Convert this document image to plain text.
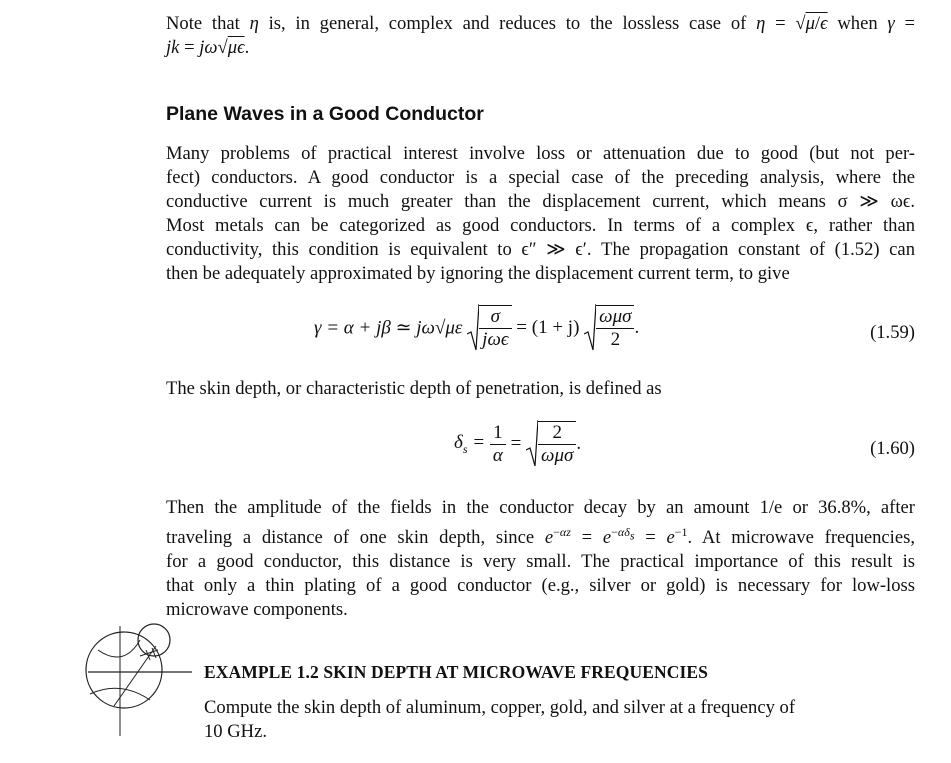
Note that η is, in general, complex and reduces to the lossless case of η = √μ/ϵ when γ =
jk = jω√μϵ.
Plane Waves in a Good Conductor
Many problems of practical interest involve loss or attenuation due to good (but not per-
fect) conductors. A good conductor is a special case of the preceding analysis, where the
conductive current is much greater than the displacement current, which means σ ≫ ωϵ.
Most metals can be categorized as good conductors. In terms of a complex ϵ, rather than
conductivity, this condition is equivalent to ϵ″ ≫ ϵ′. The propagation constant of (1.52) can
then be adequately approximated by ignoring the displacement current term, to give
γ = α + jβ ≃ $j\omega√\mu\varepsilon \frac{\sigma}{\text{jωϵ}} = (1 + j) \frac{\text{ωμσ}}{2}$ .	(1.59)
The skin depth, or characteristic depth of penetration, is defined as
$\delta_s = \frac{1}{\alpha} = \frac{2}{\text{ωμσ}}$ .	(1.60)
Then the amplitude of the fields in the conductor decay by an amount 1/e or 36.8%, after
traveling a distance of one skin depth, since $e^{-\alpha z} = e^{-\alpha\delta_s} = e^{-1}$. At microwave frequencies,
for a good conductor, this distance is very small. The practical importance of this result is
that only a thin plating of a good conductor (e.g., silver or gold) is necessary for low-loss
microwave components.
EXAMPLE 1.2 SKIN DEPTH AT MICROWAVE FREQUENCIES
Compute the skin depth of aluminum, copper, gold, and silver at a frequency of
10 GHz.
